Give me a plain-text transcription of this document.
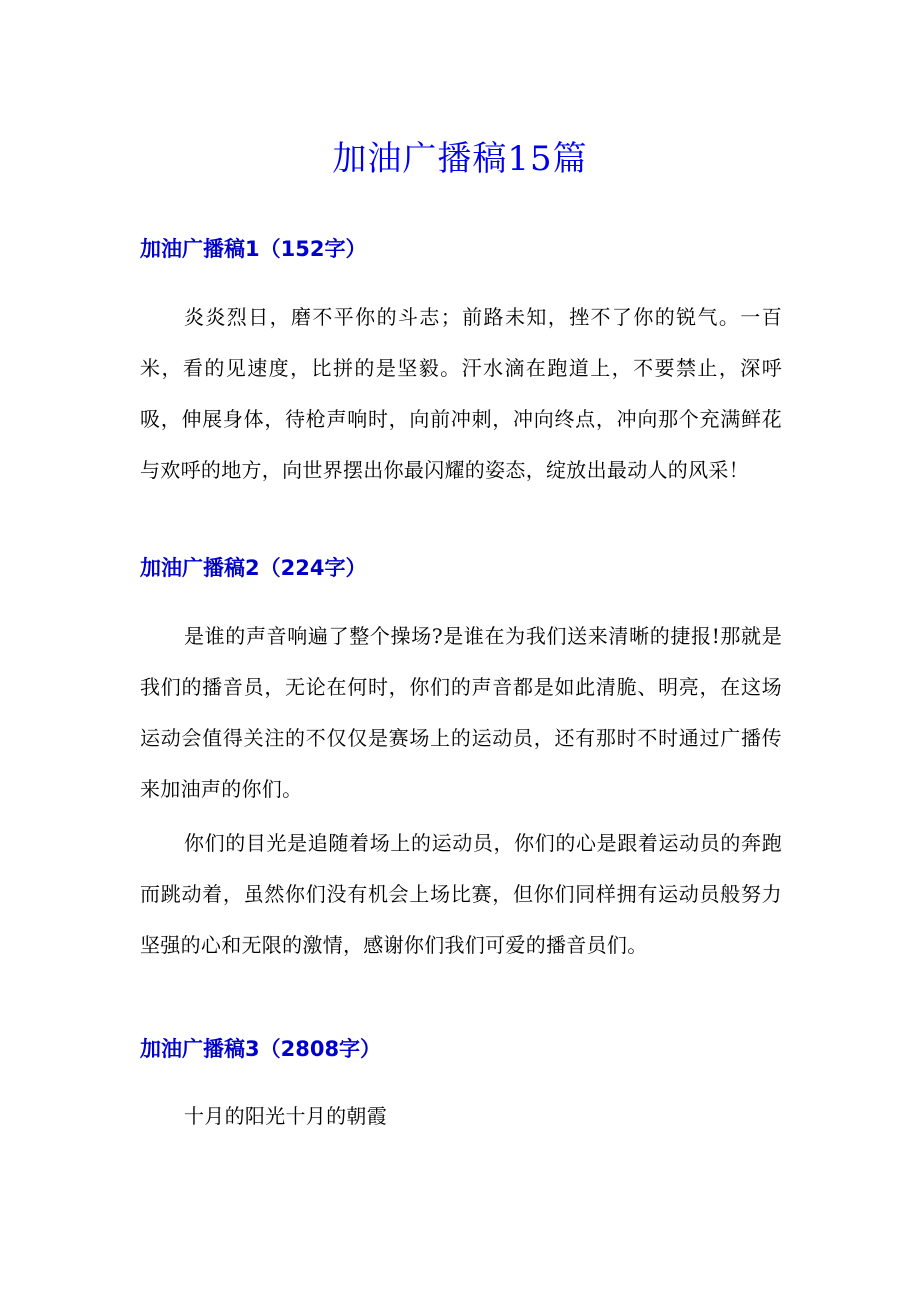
加油广播稿15篇
加油广播稿1（152字）

炎炎烈日，磨不平你的斗志；前路未知，挫不了你的锐气。一百米，看的见速度，比拼的是坚毅。汗水滴在跑道上，不要禁止，深呼吸，伸展身体，待枪声响时，向前冲刺，冲向终点，冲向那个充满鲜花与欢呼的地方，向世界摆出你最闪耀的姿态，绽放出最动人的风采！

加油广播稿2（224字）

是谁的声音响遍了整个操场?是谁在为我们送来清晰的捷报!那就是我们的播音员，无论在何时，你们的声音都是如此清脆、明亮，在这场运动会值得关注的不仅仅是赛场上的运动员，还有那时不时通过广播传来加油声的你们。

你们的目光是追随着场上的运动员，你们的心是跟着运动员的奔跑而跳动着，虽然你们没有机会上场比赛，但你们同样拥有运动员般努力坚强的心和无限的激情，感谢你们我们可爱的播音员们。

加油广播稿3（2808字）

十月的阳光十月的朝霞
